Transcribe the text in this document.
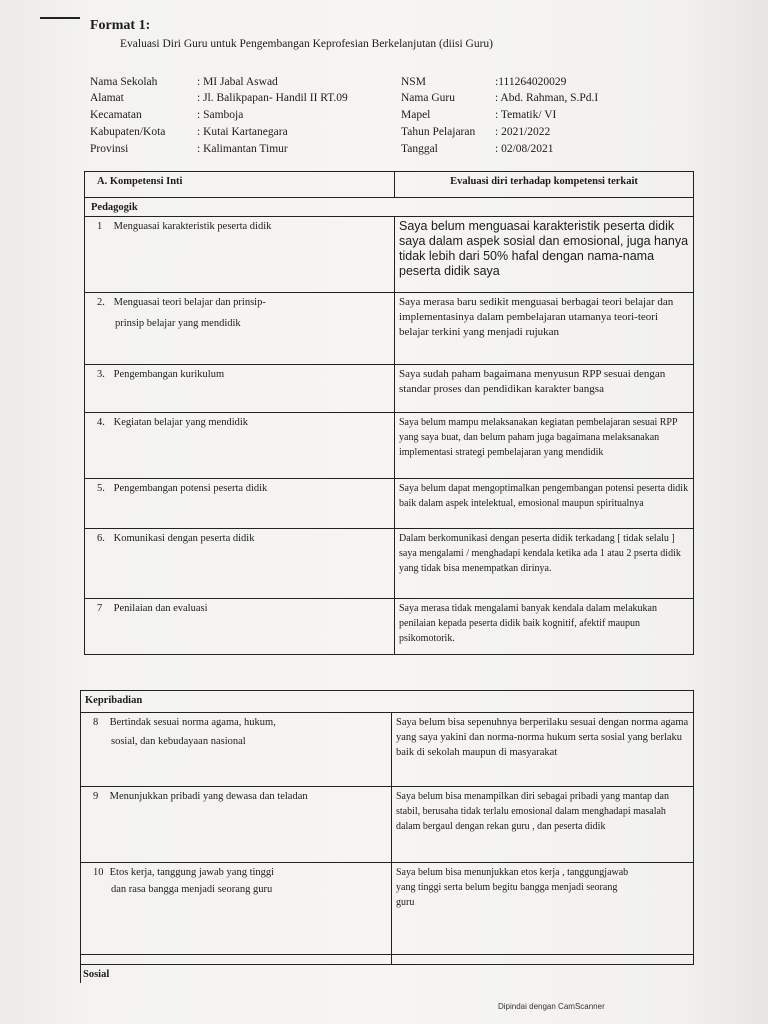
Format 1:
Evaluasi Diri Guru untuk Pengembangan Keprofesian Berkelanjutan (diisi Guru)
Nama Sekolah	: MI Jabal Aswad
Alamat	: Jl. Balikpapan- Handil II RT.09
Kecamatan	: Samboja
Kabupaten/Kota	: Kutai Kartanegara
Provinsi	: Kalimantan Timur
NSM	:111264020029
Nama Guru	: Abd. Rahman, S.Pd.I
Mapel	: Tematik/ VI
Tahun Pelajaran : 2021/2022
Tanggal	: 02/08/2021
A. Kompetensi Inti	Evaluasi diri terhadap kompetensi terkait
Pedagogik	
1 Menguasai karakteristik peserta didik	Saya belum menguasai karakteristik peserta didik saya dalam aspek sosial dan emosional, juga hanya tidak lebih dari 50% hafal dengan nama-nama peserta didik saya
2. Menguasai teori belajar dan prinsip-
prinsip belajar yang mendidik	Saya merasa baru sedikit menguasai berbagai teori belajar dan implementasinya dalam pembelajaran utamanya teori-teori belajar terkini yang menjadi rujukan
3. Pengembangan kurikulum	Saya sudah paham bagaimana menyusun RPP sesuai dengan standar proses dan pendidikan karakter bangsa
4. Kegiatan belajar yang mendidik	Saya belum mampu melaksanakan kegiatan pembelajaran sesuai RPP yang saya buat, dan belum paham juga bagaimana melaksanakan implementasi strategi pembelajaran yang mendidik
5. Pengembangan potensi peserta didik	Saya belum dapat mengoptimalkan pengembangan potensi peserta didik baik dalam aspek intelektual, emosional maupun spiritualnya
6. Komunikasi dengan peserta didik	Dalam berkomunikasi dengan peserta didik terkadang [ tidak selalu ] saya mengalami / menghadapi kendala ketika ada 1 atau 2 pserta didik yang tidak bisa menempatkan dirinya.
7 Penilaian dan evaluasi	Saya merasa tidak mengalami banyak kendala dalam melakukan penilaian kepada peserta didik baik kognitif, afektif maupun psikomotorik.
Kepribadian	
8 Bertindak sesuai norma agama, hukum,
sosial, dan kebudayaan nasional	Saya belum bisa sepenuhnya berperilaku sesuai dengan norma agama yang saya yakini dan norma-norma hukum serta sosial yang berlaku baik di sekolah maupun di masyarakat
9 Menunjukkan pribadi yang dewasa dan teladan	Saya belum bisa menampilkan diri sebagai pribadi yang mantap dan stabil, berusaha tidak terlalu emosional dalam menghadapi masalah dalam bergaul dengan rekan guru , dan peserta didik
10 Etos kerja, tanggung jawab yang tinggi
dan rasa bangga menjadi seorang guru	Saya belum bisa menunjukkan etos kerja , tanggungjawab yang tinggi serta belum begitu bangga menjadi seorang guru

Sosial	
Dipindai dengan CamScanner
